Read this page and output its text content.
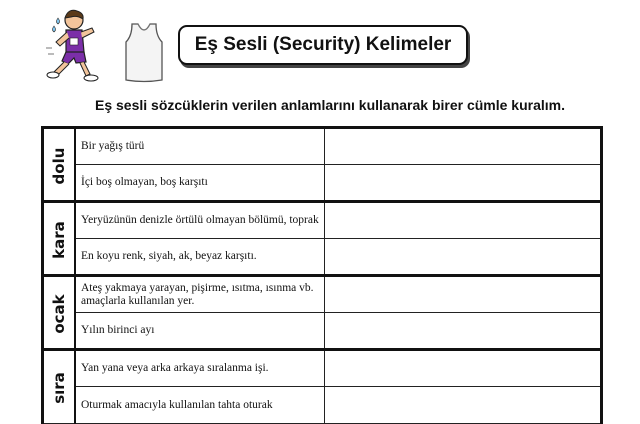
Eş Sesli (Security) Kelimeler
Eş sesli sözcüklerin verilen anlamlarını kullanarak birer cümle kuralım.
dolu	Bir yağış türü	
	İçi boş olmayan, boş karşıtı	

kara	Yeryüzünün denizle örtülü olmayan bölümü, toprak	
	En koyu renk, siyah, ak, beyaz karşıtı.	

ocak	Ateş yakmaya yarayan, pişirme, ısıtma, ısınma vb. amaçlarla kullanılan yer.	
	Yılın birinci ayı	

sıra	Yan yana veya arka arkaya sıralanma işi.	
	Oturmak amacıyla kullanılan tahta oturak	
